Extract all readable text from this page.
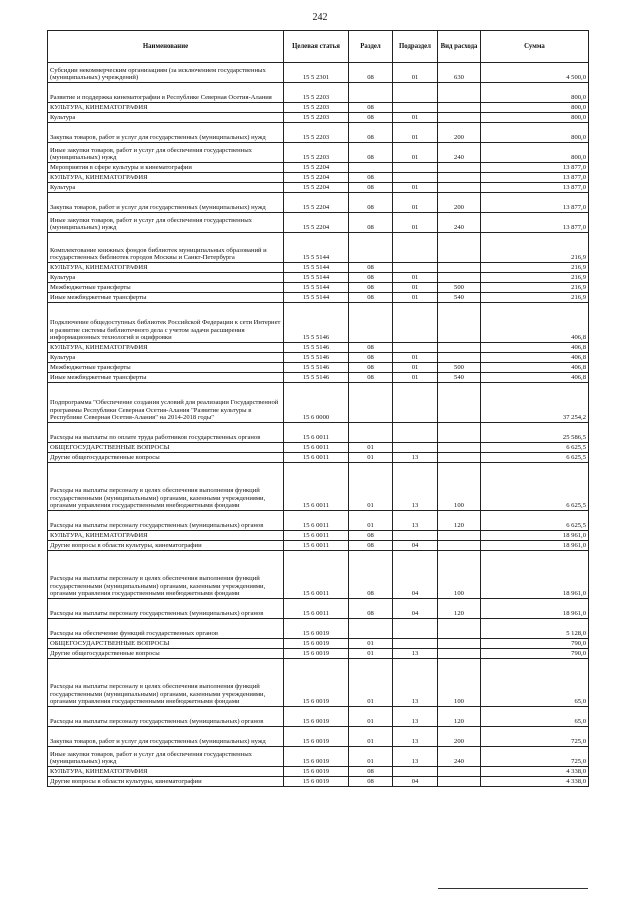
242
Наименование	Целевая статья	Раздел	Подраздел	Вид расхода	Сумма
Субсидии некоммерческим организациям (за исключением государственных (муниципальных) учреждений)	15 5 2301	08	01	630	4 500,0
Развитие и поддержка кинематографии в Республике Северная Осетия-Алания	15 5 2203				800,0
КУЛЬТУРА, КИНЕМАТОГРАФИЯ	15 5 2203	08			800,0
Культура	15 5 2203	08	01		800,0
Закупка товаров, работ и услуг для государственных (муниципальных) нужд	15 5 2203	08	01	200	800,0
Иные закупки товаров, работ и услуг для обеспечения государственных (муниципальных) нужд	15 5 2203	08	01	240	800,0
Мероприятия в сфере культуры и кинематографии	15 5 2204				13 877,0
КУЛЬТУРА, КИНЕМАТОГРАФИЯ	15 5 2204	08			13 877,0
Культура	15 5 2204	08	01		13 877,0
Закупка товаров, работ и услуг для государственных (муниципальных) нужд	15 5 2204	08	01	200	13 877,0
Иные закупки товаров, работ и услуг для обеспечения государственных (муниципальных) нужд	15 5 2204	08	01	240	13 877,0
Комплектование книжных фондов библиотек муниципальных образований и государственных библиотек городов Москвы и Санкт-Петербурга	15 5 5144				216,9
КУЛЬТУРА, КИНЕМАТОГРАФИЯ	15 5 5144	08			216,9
Культура	15 5 5144	08	01		216,9
Межбюджетные трансферты	15 5 5144	08	01	500	216,9
Иные межбюджетные трансферты	15 5 5144	08	01	540	216,9
Подключение общедоступных библиотек Российской Федерации к сети Интернет и развитие системы библиотечного дела с учетом задачи расширения информационных технологий и оцифровки	15 5 5146				406,8
КУЛЬТУРА, КИНЕМАТОГРАФИЯ	15 5 5146	08			406,8
Культура	15 5 5146	08	01		406,8
Межбюджетные трансферты	15 5 5146	08	01	500	406,8
Иные межбюджетные трансферты	15 5 5146	08	01	540	406,8
Подпрограмма "Обеспечение создания условий для реализации Государственной программы Республики Северная Осетия-Алания "Развитие культуры в Республике Северная Осетия-Алания" на 2014-2018 годы"	15 6 0000				37 254,2
Расходы на выплаты по оплате труда работников государственных органов	15 6 0011				25 586,5
ОБЩЕГОСУДАРСТВЕННЫЕ ВОПРОСЫ	15 6 0011	01			6 625,5
Другие общегосударственные вопросы	15 6 0011	01	13		6 625,5
Расходы на выплаты персоналу в целях обеспечения выполнения функций государственными (муниципальными) органами, казенными учреждениями, органами управления государственными внебюджетными фондами	15 6 0011	01	13	100	6 625,5
Расходы на выплаты персоналу государственных (муниципальных) органов	15 6 0011	01	13	120	6 625,5
КУЛЬТУРА, КИНЕМАТОГРАФИЯ	15 6 0011	08			18 961,0
Другие вопросы в области культуры, кинематографии	15 6 0011	08	04		18 961,0
Расходы на выплаты персоналу в целях обеспечения выполнения функций государственными (муниципальными) органами, казенными учреждениями, органами управления государственными внебюджетными фондами	15 6 0011	08	04	100	18 961,0
Расходы на выплаты персоналу государственных (муниципальных) органов	15 6 0011	08	04	120	18 961,0
Расходы на обеспечение функций государственных органов	15 6 0019				5 128,0
ОБЩЕГОСУДАРСТВЕННЫЕ ВОПРОСЫ	15 6 0019	01			790,0
Другие общегосударственные вопросы	15 6 0019	01	13		790,0
Расходы на выплаты персоналу в целях обеспечения выполнения функций государственными (муниципальными) органами, казенными учреждениями, органами управления государственными внебюджетными фондами	15 6 0019	01	13	100	65,0
Расходы на выплаты персоналу государственных (муниципальных) органов	15 6 0019	01	13	120	65,0
Закупка товаров, работ и услуг для государственных (муниципальных) нужд	15 6 0019	01	13	200	725,0
Иные закупки товаров, работ и услуг для обеспечения государственных (муниципальных) нужд	15 6 0019	01	13	240	725,0
КУЛЬТУРА, КИНЕМАТОГРАФИЯ	15 6 0019	08			4 338,0
Другие вопросы в области культуры, кинематографии	15 6 0019	08	04		4 338,0
